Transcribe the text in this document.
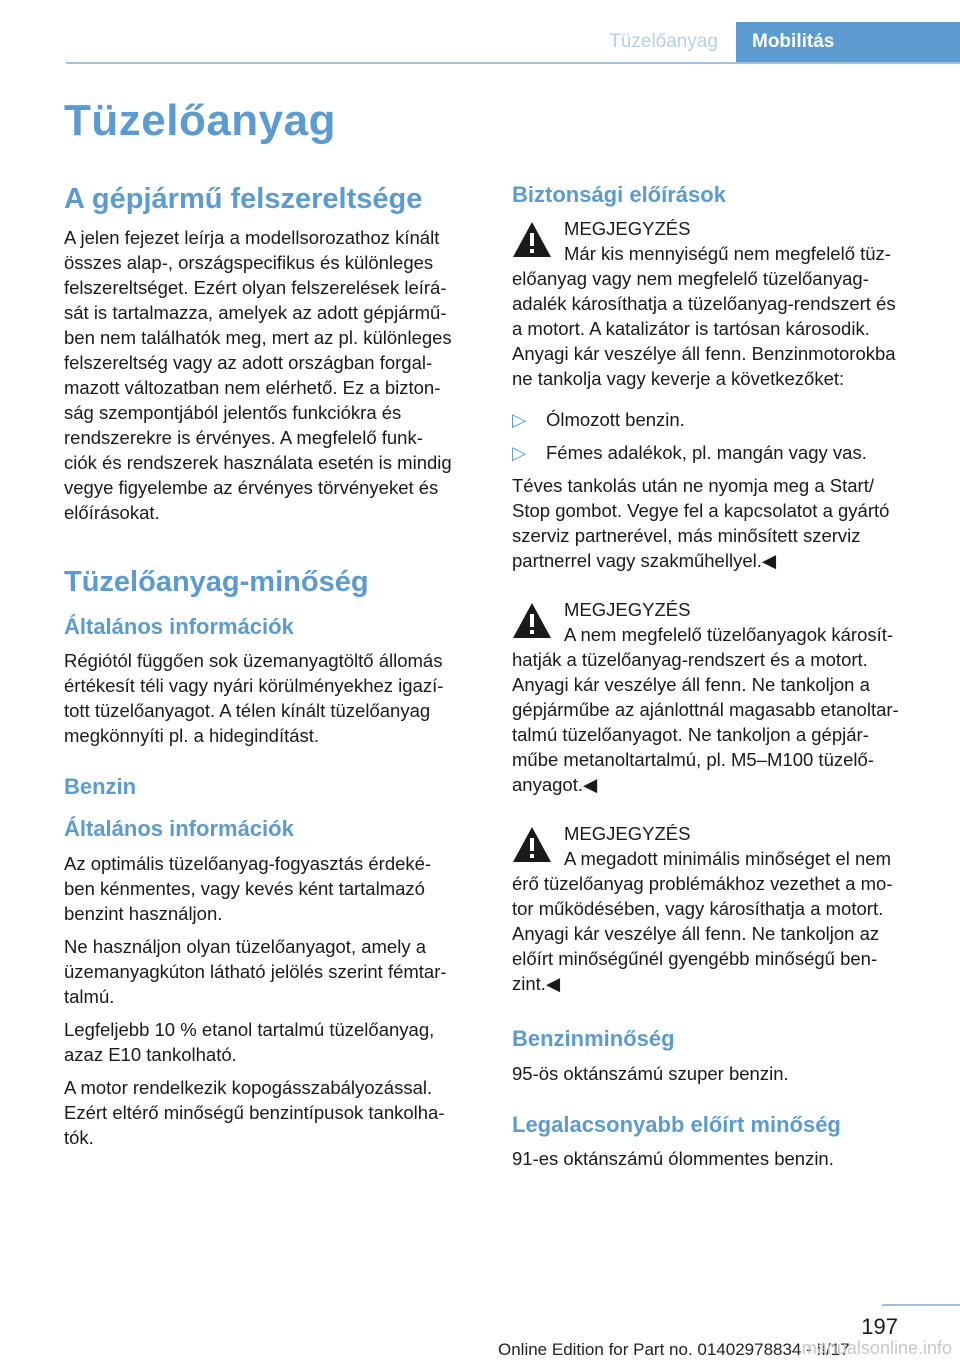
Tüzelőanyag	Mobilitás
Tüzelőanyag
A gépjármű felszereltsége
A jelen fejezet leírja a modellsorozathoz kínált
összes alap-, országspecifikus és különleges
felszereltséget. Ezért olyan felszerelések leírá‐
sát is tartalmazza, amelyek az adott gépjármű‐
ben nem találhatók meg, mert az pl. különleges
felszereltség vagy az adott országban forgal‐
mazott változatban nem elérhető. Ez a bizton‐
ság szempontjából jelentős funkciókra és
rendszerekre is érvényes. A megfelelő funk‐
ciók és rendszerek használata esetén is mindig
vegye figyelembe az érvényes törvényeket és
előírásokat.
Tüzelőanyag-minőség
Általános információk
Régiótól függően sok üzemanyagtöltő állomás
értékesít téli vagy nyári körülményekhez igazí‐
tott tüzelőanyagot. A télen kínált tüzelőanyag
megkönnyíti pl. a hidegindítást.
Benzin
Általános információk
Az optimális tüzelőanyag-fogyasztás érdeké‐
ben kénmentes, vagy kevés ként tartalmazó
benzint használjon.
Ne használjon olyan tüzelőanyagot, amely a
üzemanyagkúton látható jelölés szerint fémtar‐
talmú.
Legfeljebb 10 % etanol tartalmú tüzelőanyag,
azaz E10 tankolható.
A motor rendelkezik kopogásszabályozással.
Ezért eltérő minőségű benzintípusok tankolha‐
tók.
Biztonsági előírások
MEGJEGYZÉS
Már kis mennyiségű nem megfelelő tüz‐
előanyag vagy nem megfelelő tüzelőanyag-
adalék károsíthatja a tüzelőanyag-rendszert és
a motort. A katalizátor is tartósan károsodik.
Anyagi kár veszélye áll fenn. Benzinmotorokba
ne tankolja vagy keverje a következőket:
▷	Ólmozott benzin.
▷	Fémes adalékok, pl. mangán vagy vas.
Téves tankolás után ne nyomja meg a Start/
Stop gombot. Vegye fel a kapcsolatot a gyártó
szerviz partnerével, más minősített szerviz
partnerrel vagy szakműhellyel.◀
MEGJEGYZÉS
A nem megfelelő tüzelőanyagok károsít‐
hatják a tüzelőanyag-rendszert és a motort.
Anyagi kár veszélye áll fenn. Ne tankoljon a
gépjárműbe az ajánlottnál magasabb etanoltar‐
talmú tüzelőanyagot. Ne tankoljon a gépjár‐
műbe metanoltartalmú, pl. M5–M100 tüzelő‐
anyagot.◀
MEGJEGYZÉS
A megadott minimális minőséget el nem
érő tüzelőanyag problémákhoz vezethet a mo‐
tor működésében, vagy károsíthatja a motort.
Anyagi kár veszélye áll fenn. Ne tankoljon az
előírt minőségűnél gyengébb minőségű ben‐
zint.◀
Benzinminőség
95-ös oktánszámú szuper benzin.
Legalacsonyabb előírt minőség
91-es oktánszámú ólommentes benzin.
197
Online Edition for Part no. 01402978834 - II/17
manualsonline.info
